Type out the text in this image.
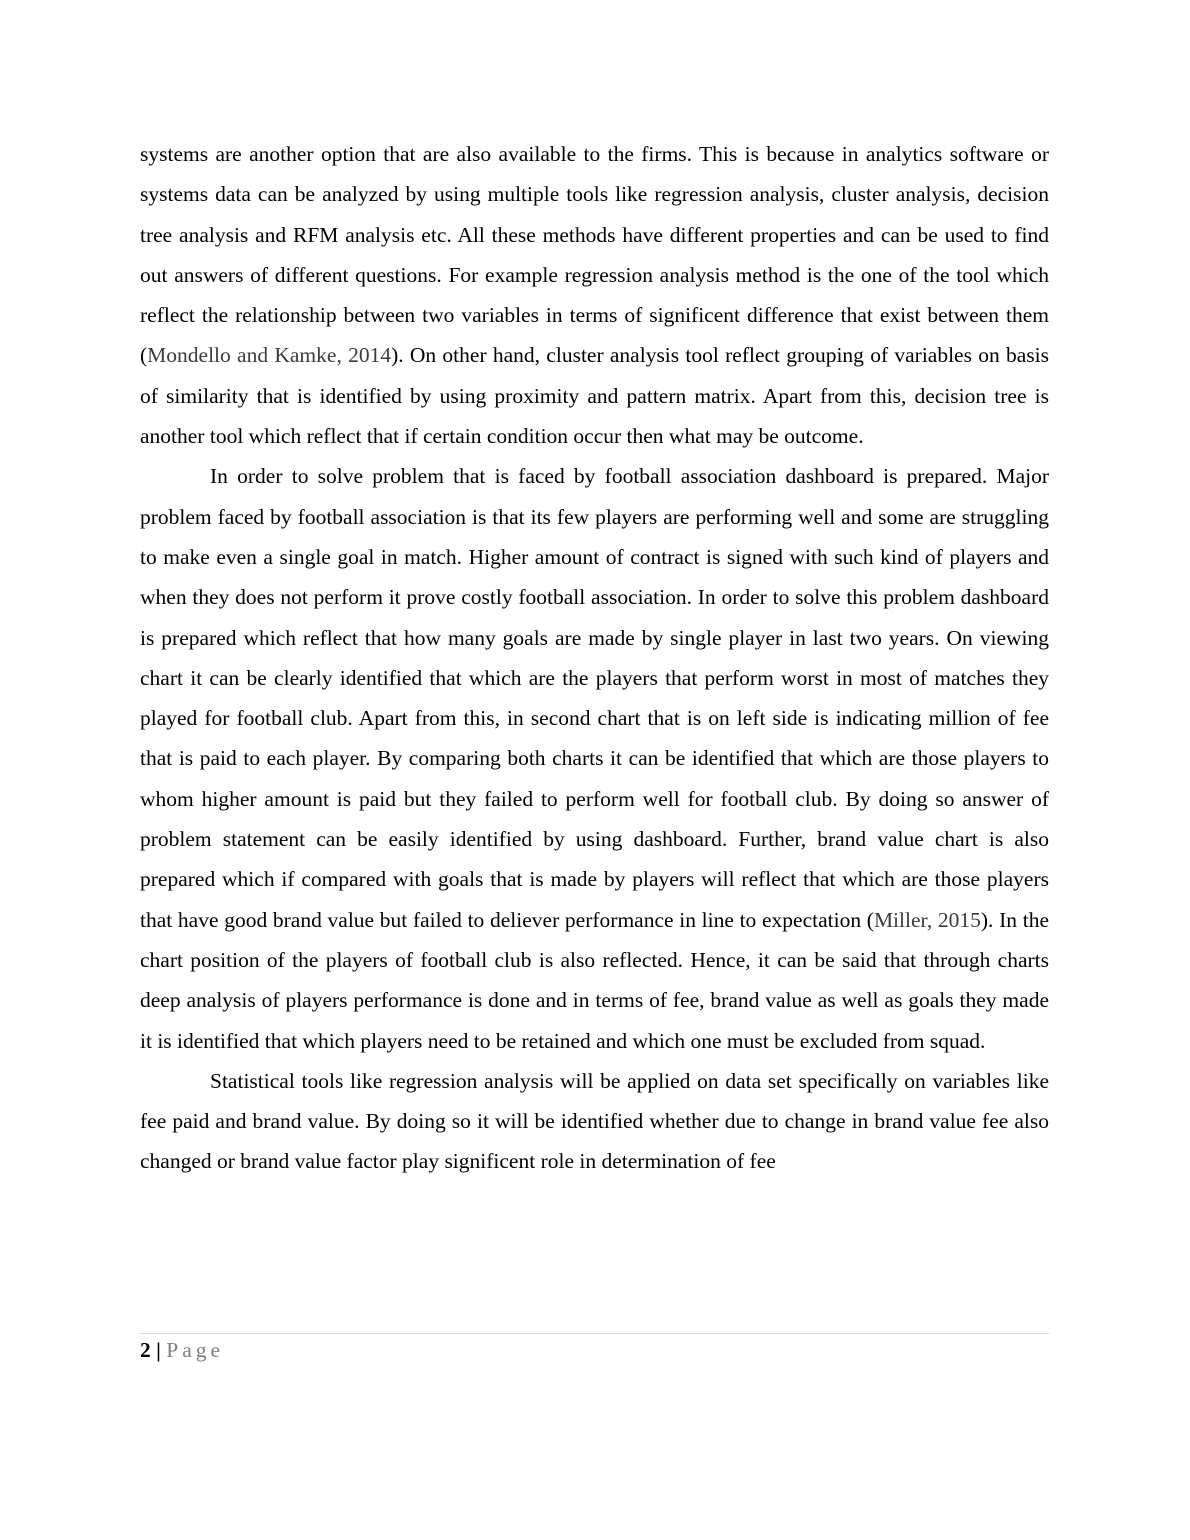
systems are another option that are also available to the firms. This is because in analytics software or systems data can be analyzed by using multiple tools like regression analysis, cluster analysis, decision tree analysis and RFM analysis etc. All these methods have different properties and can be used to find out answers of different questions. For example regression analysis method is the one of the tool which reflect the relationship between two variables in terms of significent difference that exist between them (Mondello and Kamke, 2014). On other hand, cluster analysis tool reflect grouping of variables on basis of similarity that is identified by using proximity and pattern matrix. Apart from this, decision tree is another tool which reflect that if certain condition occur then what may be outcome.

In order to solve problem that is faced by football association dashboard is prepared. Major problem faced by football association is that its few players are performing well and some are struggling to make even a single goal in match. Higher amount of contract is signed with such kind of players and when they does not perform it prove costly football association. In order to solve this problem dashboard is prepared which reflect that how many goals are made by single player in last two years. On viewing chart it can be clearly identified that which are the players that perform worst in most of matches they played for football club. Apart from this, in second chart that is on left side is indicating million of fee that is paid to each player. By comparing both charts it can be identified that which are those players to whom higher amount is paid but they failed to perform well for football club. By doing so answer of problem statement can be easily identified by using dashboard. Further, brand value chart is also prepared which if compared with goals that is made by players will reflect that which are those players that have good brand value but failed to deliever performance in line to expectation (Miller, 2015). In the chart position of the players of football club is also reflected. Hence, it can be said that through charts deep analysis of players performance is done and in terms of fee, brand value as well as goals they made it is identified that which players need to be retained and which one must be excluded from squad.

Statistical tools like regression analysis will be applied on data set specifically on variables like fee paid and brand value. By doing so it will be identified whether due to change in brand value fee also changed or brand value factor play significent role in determination of fee

2 | Page
